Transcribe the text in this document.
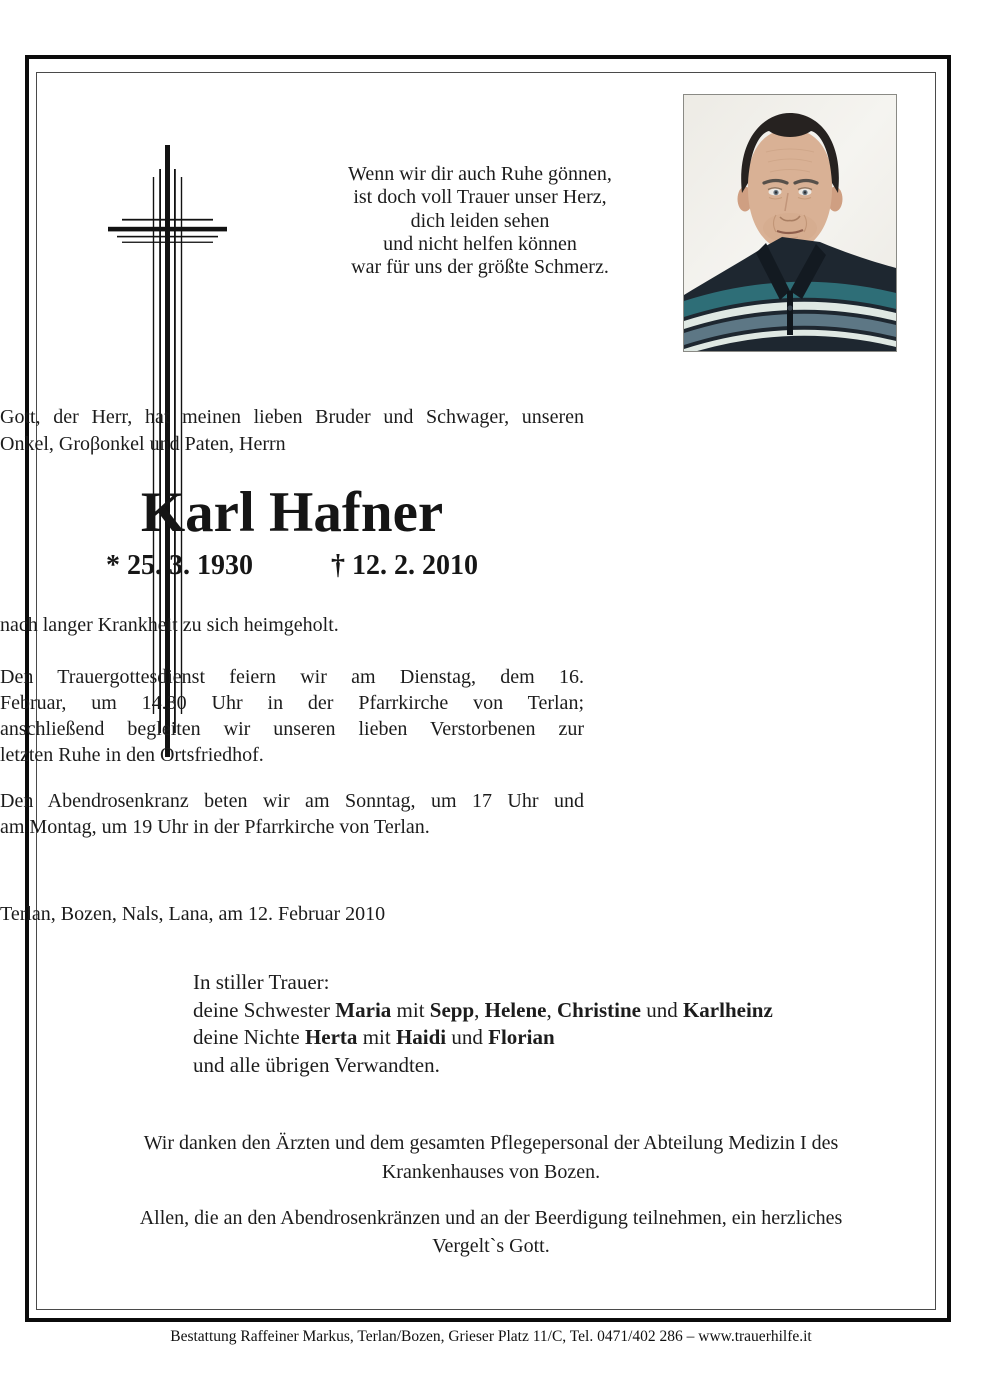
Wenn wir dir auch Ruhe gönnen,
ist doch voll Trauer unser Herz,
dich leiden sehen
und nicht helfen können
war für uns der größte Schmerz.
Gott, der Herr, hat meinen lieben Bruder und Schwager, unseren
Onkel, Groβonkel und Paten, Herrn
Karl Hafner
* 25. 3. 1930	† 12. 2. 2010
nach langer Krankheit zu sich heimgeholt.
Den Trauergottesdienst feiern wir am Dienstag, dem 16.
Februar, um 14.30 Uhr in der Pfarrkirche von Terlan;
anschließend begleiten wir unseren lieben Verstorbenen zur
letzten Ruhe in den Ortsfriedhof.
Den Abendrosenkranz beten wir am Sonntag, um 17 Uhr und
am Montag, um 19 Uhr in der Pfarrkirche von Terlan.
Terlan, Bozen, Nals, Lana, am 12. Februar 2010
In stiller Trauer:
deine Schwester Maria mit Sepp, Helene, Christine und Karlheinz
deine Nichte Herta mit Haidi und Florian
und alle übrigen Verwandten.
Wir danken den Ärzten und dem gesamten Pflegepersonal der Abteilung Medizin I des
Krankenhauses von Bozen.
Allen, die an den Abendrosenkränzen und an der Beerdigung teilnehmen, ein herzliches
Vergelt`s Gott.
Bestattung Raffeiner Markus, Terlan/Bozen, Grieser Platz 11/C, Tel. 0471/402 286 – www.trauerhilfe.it
